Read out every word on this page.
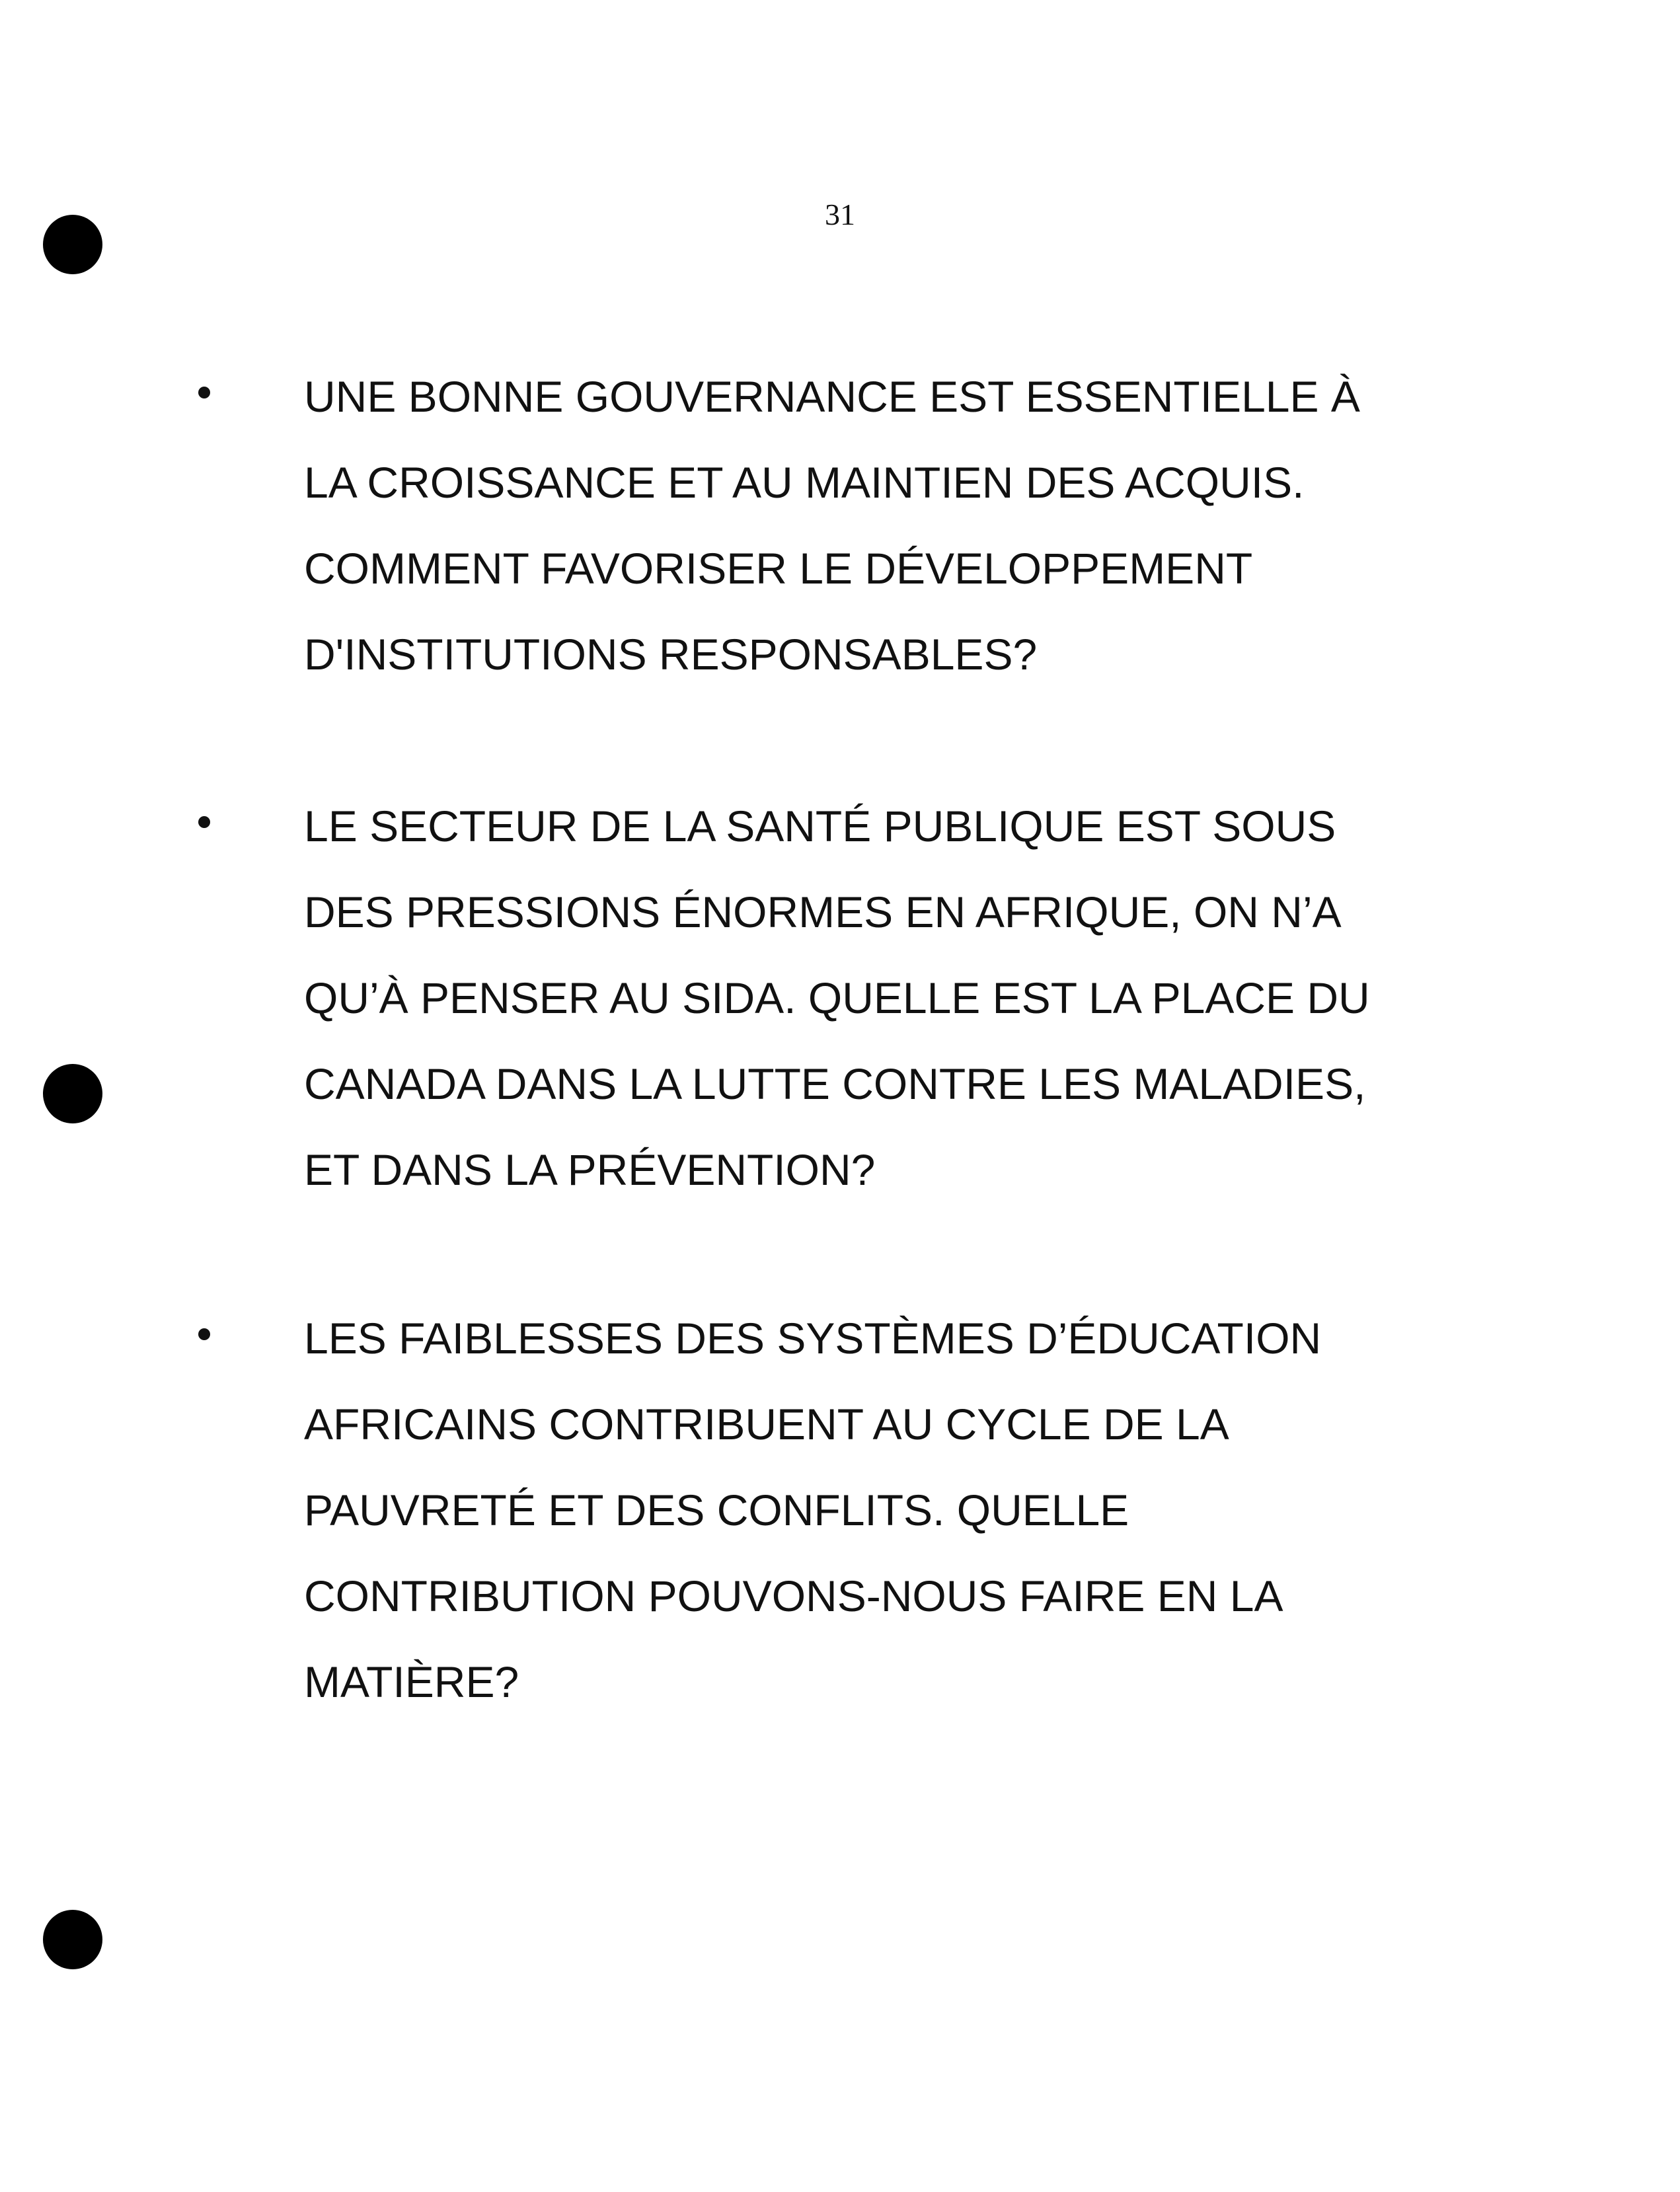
31

UNE BONNE GOUVERNANCE EST ESSENTIELLE À
LA CROISSANCE ET AU MAINTIEN DES ACQUIS.
COMMENT FAVORISER LE DÉVELOPPEMENT
D'INSTITUTIONS RESPONSABLES?

LE SECTEUR DE LA SANTÉ PUBLIQUE EST SOUS
DES PRESSIONS ÉNORMES EN AFRIQUE, ON N’A
QU’À PENSER AU SIDA. QUELLE EST LA PLACE DU
CANADA DANS LA LUTTE CONTRE LES MALADIES,
ET DANS LA PRÉVENTION?

LES FAIBLESSES DES SYSTÈMES D’ÉDUCATION
AFRICAINS CONTRIBUENT AU CYCLE DE LA
PAUVRETÉ ET DES CONFLITS. QUELLE
CONTRIBUTION POUVONS-NOUS FAIRE EN LA
MATIÈRE?
